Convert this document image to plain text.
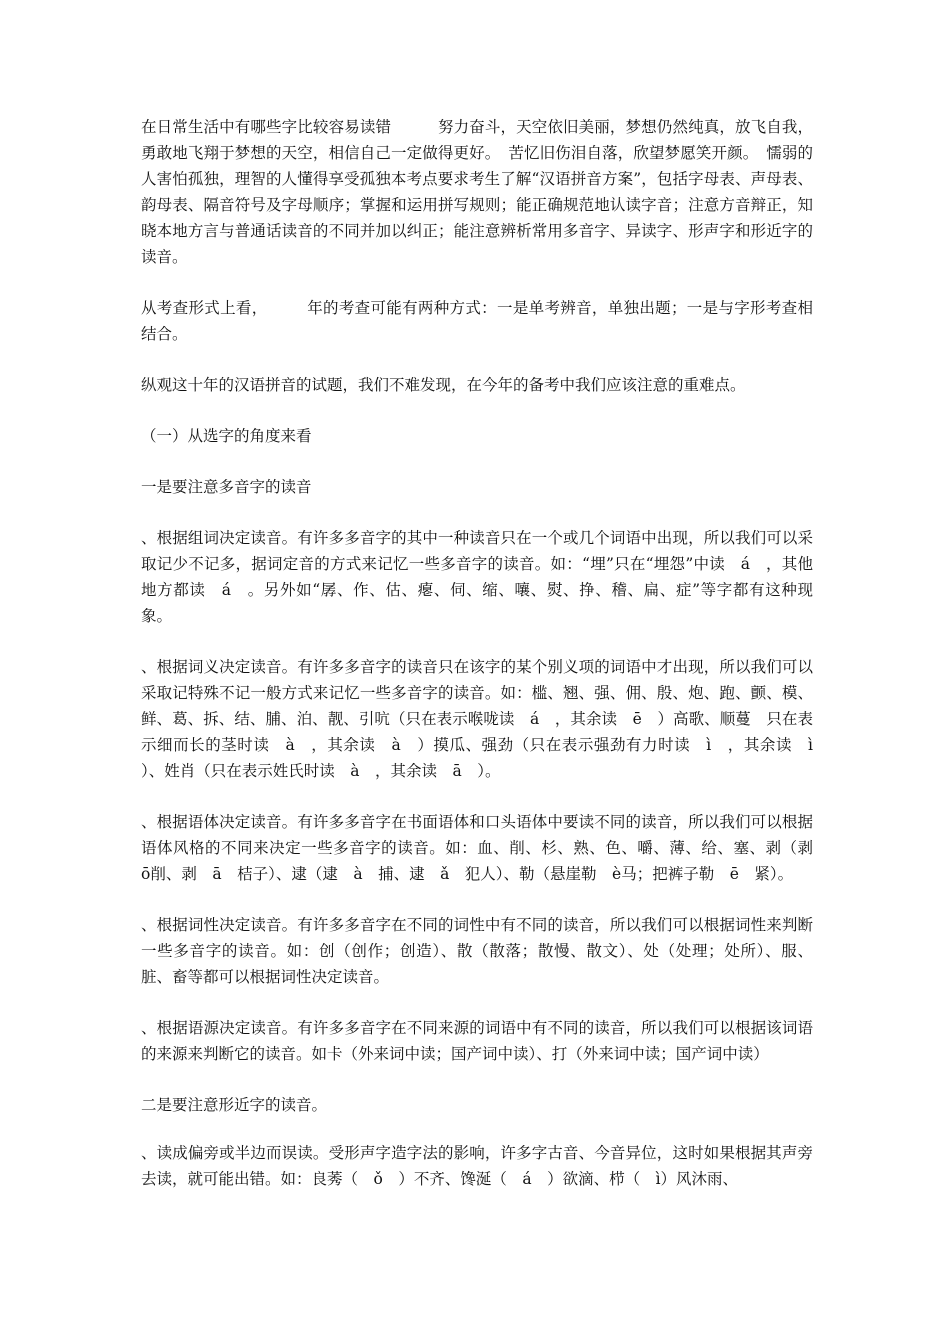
在日常生活中有哪些字比较容易读错　　　努力奋斗，天空依旧美丽，梦想仍然纯真，放飞自我，勇敢地飞翔于梦想的天空，相信自己一定做得更好。　苦忆旧伤泪自落，欣望梦愿笑开颜。　懦弱的人害怕孤独，理智的人懂得享受孤独本考点要求考生了解“汉语拼音方案”，包括字母表、声母表、韵母表、隔音符号及字母顺序；掌握和运用拼写规则；能正确规范地认读字音；注意方音辩正，知晓本地方言与普通话读音的不同并加以纠正；能注意辨析常用多音字、异读字、形声字和形近字的读音。

从考查形式上看，　　　年的考查可能有两种方式：一是单考辨音，单独出题；一是与字形考查相结合。

纵观这十年的汉语拼音的试题，我们不难发现，在今年的备考中我们应该注意的重难点。

（一）从选字的角度来看

一是要注意多音字的读音

、根据组词决定读音。有许多多音字的其中一种读音只在一个或几个词语中出现，所以我们可以采取记少不记多，据词定音的方式来记忆一些多音字的读音。如：“埋”只在“埋怨”中读　á　，其他地方都读　á　。另外如“孱、作、估、瘪、伺、缩、嚷、熨、挣、稽、扁、症”等字都有这种现象。

、根据词义决定读音。有许多多音字的读音只在该字的某个别义项的词语中才出现，所以我们可以采取记特殊不记一般方式来记忆一些多音字的读音。如：槛、翘、强、佣、殷、炮、跑、颤、模、鲜、葛、拆、结、脯、泊、靓、引吭（只在表示喉咙读　á　，其余读　ē　）高歌、顺蔓　只在表示细而长的茎时读　à　，其余读　à　）摸瓜、强劲（只在表示强劲有力时读　ì　，其余读　ì　）、姓肖（只在表示姓氏时读　à　，其余读　ā　）。

、根据语体决定读音。有许多多音字在书面语体和口头语体中要读不同的读音，所以我们可以根据语体风格的不同来决定一些多音字的读音。如：血、削、杉、熟、色、嚼、薄、给、塞、剥（剥　ō削、剥　ā　桔子）、逮（逮　à　捕、逮　ǎ　犯人）、勒（悬崖勒　è马；把裤子勒　ē　紧）。

、根据词性决定读音。有许多多音字在不同的词性中有不同的读音，所以我们可以根据词性来判断一些多音字的读音。如：创（创作；创造）、散（散落；散慢、散文）、处（处理；处所）、服、脏、畜等都可以根据词性决定读音。

、根据语源决定读音。有许多多音字在不同来源的词语中有不同的读音，所以我们可以根据该词语的来源来判断它的读音。如卡（外来词中读；国产词中读）、打（外来词中读；国产词中读）

二是要注意形近字的读音。

、读成偏旁或半边而误读。受形声字造字法的影响，许多字古音、今音异位，这时如果根据其声旁去读，就可能出错。如：良莠（　ǒ　）不齐、馋涎（　á　）欲滴、栉（　ì）风沐雨、
